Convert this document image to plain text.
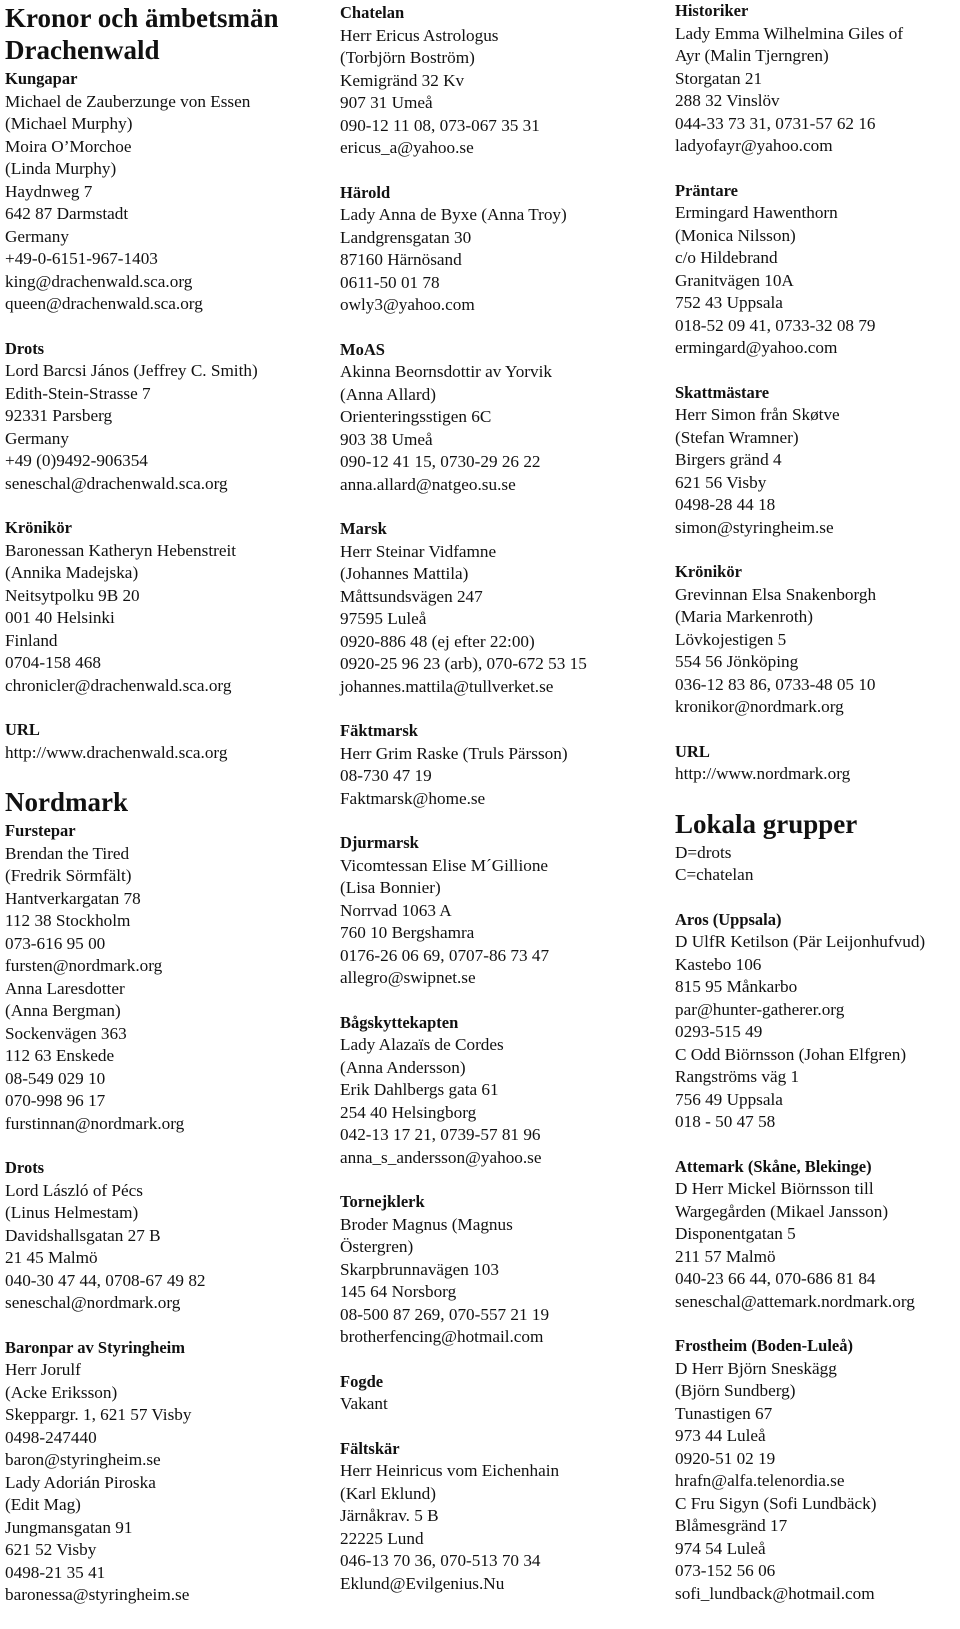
Kronor och ämbetsmän Drachenwald
Kungapar
Michael de Zauberzunge von Essen
(Michael Murphy)
Moira O’Morchoe
(Linda Murphy)
Haydnweg 7
642 87 Darmstadt
Germany
+49-0-6151-967-1403
king@drachenwald.sca.org
queen@drachenwald.sca.org
Drots
Lord Barcsi János (Jeffrey C. Smith)
Edith-Stein-Strasse 7
92331 Parsberg
Germany
+49 (0)9492-906354
seneschal@drachenwald.sca.org
Krönikör
Baronessan Katheryn Hebenstreit
(Annika Madejska)
Neitsytpolku 9B 20
001 40 Helsinki
Finland
0704-158 468
chronicler@drachenwald.sca.org
URL
http://www.drachenwald.sca.org
Nordmark
Furstepar
Brendan the Tired
(Fredrik Sörmfält)
Hantverkargatan 78
112 38 Stockholm
073-616 95 00
fursten@nordmark.org
Anna Laresdotter
(Anna Bergman)
Sockenvägen 363
112 63 Enskede
08-549 029 10
070-998 96 17
furstinnan@nordmark.org
Drots
Lord László of Pécs
(Linus Helmestam)
Davidshallsgatan 27 B
21 45 Malmö
040-30 47 44, 0708-67 49 82
seneschal@nordmark.org
Baronpar av Styringheim
Herr Jorulf
(Acke Eriksson)
Skeppargr. 1, 621 57 Visby
0498-247440
baron@styringheim.se
Lady Adorián Piroska
(Edit Mag)
Jungmansgatan 91
621 52 Visby
0498-21 35 41
baronessa@styringheim.se
Chatelan
Herr Ericus Astrologus
(Torbjörn Boström)
Kemigränd 32 Kv
907 31 Umeå
090-12 11 08, 073-067 35 31
ericus_a@yahoo.se
Härold
Lady Anna de Byxe (Anna Troy)
Landgrensgatan 30
87160 Härnösand
0611-50 01 78
owly3@yahoo.com
MoAS
Akinna Beornsdottir av Yorvik
(Anna Allard)
Orienteringsstigen 6C
903 38 Umeå
090-12 41 15, 0730-29 26 22
anna.allard@natgeo.su.se
Marsk
Herr Steinar Vidfamne
(Johannes Mattila)
Måttsundsvägen 247
97595 Luleå
0920-886 48 (ej efter 22:00)
0920-25 96 23 (arb), 070-672 53 15
johannes.mattila@tullverket.se
Fäktmarsk
Herr Grim Raske (Truls Pärsson)
08-730 47 19
Faktmarsk@home.se
Djurmarsk
Vicomtessan Elise M´Gillione
(Lisa Bonnier)
Norrvad 1063 A
760 10 Bergshamra
0176-26 06 69, 0707-86 73 47
allegro@swipnet.se
Bågskyttekapten
Lady Alazaïs de Cordes
(Anna Andersson)
Erik Dahlbergs gata 61
254 40 Helsingborg
042-13 17 21, 0739-57 81 96
anna_s_andersson@yahoo.se
Tornejklerk
Broder Magnus (Magnus
Östergren)
Skarpbrunnavägen 103
145 64 Norsborg
08-500 87 269, 070-557 21 19
brotherfencing@hotmail.com
Fogde
Vakant
Fältskär
Herr Heinricus vom Eichenhain
(Karl Eklund)
Järnåkrav. 5 B
22225 Lund
046-13 70 36, 070-513 70 34
Eklund@Evilgenius.Nu
Historiker
Lady Emma Wilhelmina Giles of
Ayr (Malin Tjerngren)
Storgatan 21
288 32 Vinslöv
044-33 73 31, 0731-57 62 16
ladyofayr@yahoo.com
Präntare
Ermingard Hawenthorn
(Monica Nilsson)
c/o Hildebrand
Granitvägen 10A
752 43 Uppsala
018-52 09 41, 0733-32 08 79
ermingard@yahoo.com
Skattmästare
Herr Simon från Skøtve
(Stefan Wramner)
Birgers gränd 4
621 56 Visby
0498-28 44 18
simon@styringheim.se
Krönikör
Grevinnan Elsa Snakenborgh
(Maria Markenroth)
Lövkojestigen 5
554 56 Jönköping
036-12 83 86, 0733-48 05 10
kronikor@nordmark.org
URL
http://www.nordmark.org
Lokala grupper
D=drots
C=chatelan
Aros (Uppsala)
D UlfR Ketilson (Pär Leijonhufvud)
Kastebo 106
815 95 Månkarbo
par@hunter-gatherer.org
0293-515 49
C Odd Biörnsson (Johan Elfgren)
Rangströms väg 1
756 49 Uppsala
018 - 50 47 58
Attemark (Skåne, Blekinge)
D Herr Mickel Biörnsson till
Wargegården (Mikael Jansson)
Disponentgatan 5
211 57 Malmö
040-23 66 44, 070-686 81 84
seneschal@attemark.nordmark.org
Frostheim (Boden-Luleå)
D Herr Björn Sneskägg
(Björn Sundberg)
Tunastigen 67
973 44 Luleå
0920-51 02 19
hrafn@alfa.telenordia.se
C Fru Sigyn (Sofi Lundbäck)
Blåmesgränd 17
974 54 Luleå
073-152 56 06
sofi_lundback@hotmail.com
